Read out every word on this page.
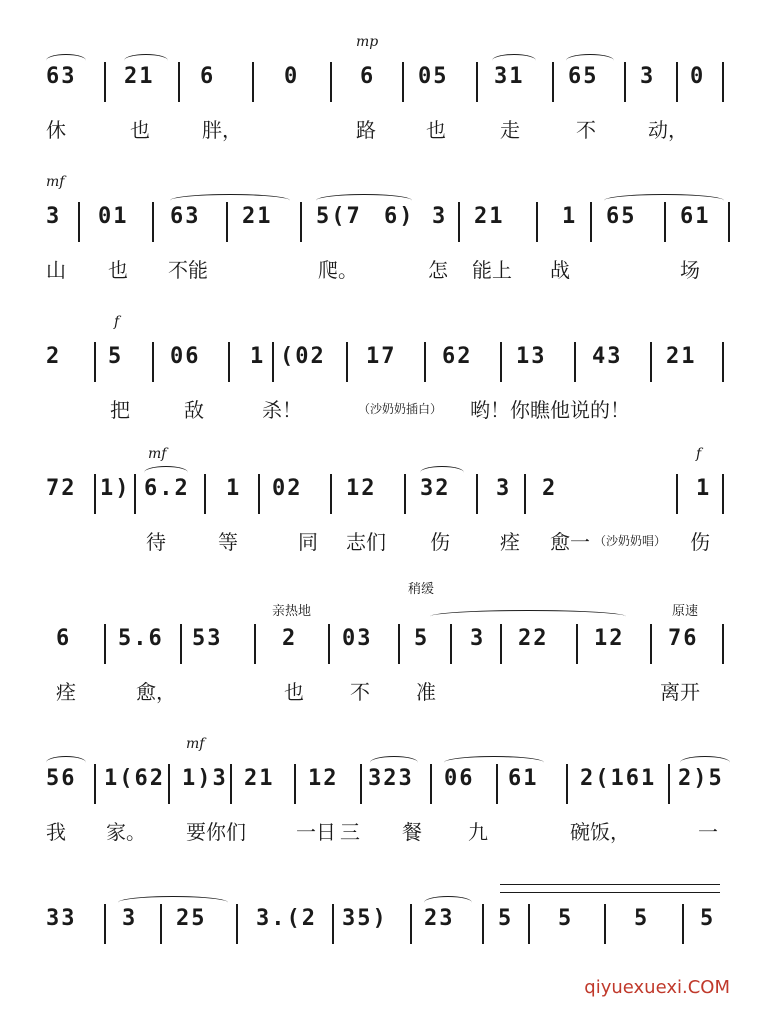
mp
63 21 6	0	6 05 31 65 3 0
休	也	胖，	路	也	走	不	动，
mf
3 01 63 21 5(7 6) 3 21	1 65 61
山 也 不能	爬。	怎 能上 战	场
f
2 5 06 1 (02 17 62 13 43 21
把	敌	杀！	（沙奶奶插白） 哟！你瞧他说的！
mf	f
72 1) 6.2 1 02 12 32 3 2	1
待	等	同 志们 伤	痊 愈一 （沙奶奶唱） 伤
稍缓
亲热地	原速
6 5.6 53	2 03 5 3 22 12 76
痊	愈，	也 不 准	离开
mf
56 1(62 1)3 21 12 323 06 61 2(161 2)5
我 家。 要你们	一日 三 餐 九	碗饭，	一
33 3 25 3.(2 35) 23 5 5	5 5
qiyuexuexi.COM
